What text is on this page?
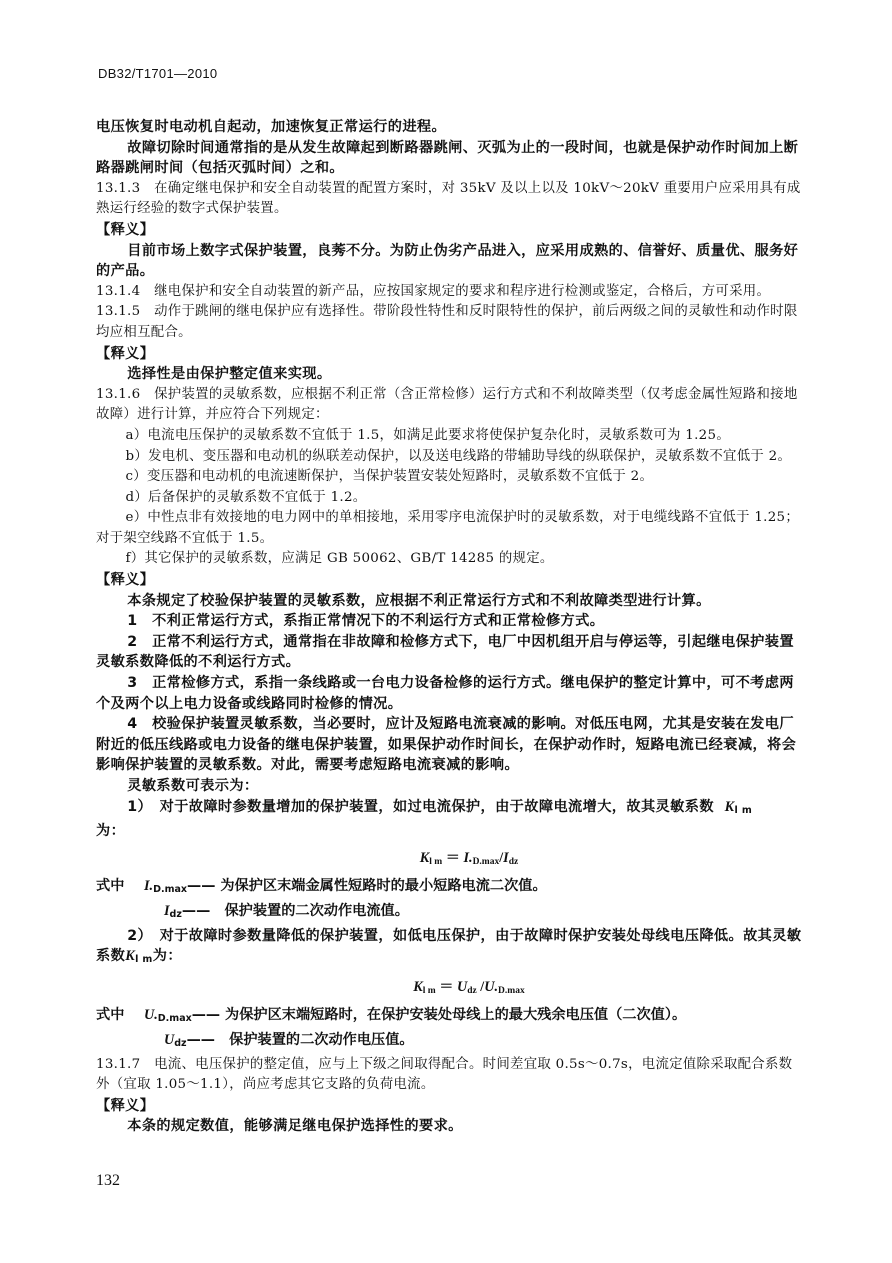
DB32/T1701—2010

电压恢复时电动机自起动，加速恢复正常运行的进程。

故障切除时间通常指的是从发生故障起到断路器跳闸、灭弧为止的一段时间，也就是保护动作时间加上断路器跳闸时间（包括灭弧时间）之和。

13.1.3　在确定继电保护和安全自动装置的配置方案时，对 35kV 及以上以及 10kV～20kV 重要用户应采用具有成熟运行经验的数字式保护装置。

【释义】

目前市场上数字式保护装置，良莠不分。为防止伪劣产品进入，应采用成熟的、信誉好、质量优、服务好的产品。

13.1.4　继电保护和安全自动装置的新产品，应按国家规定的要求和程序进行检测或鉴定，合格后，方可采用。

13.1.5　动作于跳闸的继电保护应有选择性。带阶段性特性和反时限特性的保护，前后两级之间的灵敏性和动作时限均应相互配合。

【释义】

选择性是由保护整定值来实现。

13.1.6　保护装置的灵敏系数，应根据不利正常（含正常检修）运行方式和不利故障类型（仅考虑金属性短路和接地故障）进行计算，并应符合下列规定：

a）电流电压保护的灵敏系数不宜低于 1.5，如满足此要求将使保护复杂化时，灵敏系数可为 1.25。

b）发电机、变压器和电动机的纵联差动保护，以及送电线路的带辅助导线的纵联保护，灵敏系数不宜低于 2。

c）变压器和电动机的电流速断保护，当保护装置安装处短路时，灵敏系数不宜低于 2。

d）后备保护的灵敏系数不宜低于 1.2。

e）中性点非有效接地的电力网中的单相接地，采用零序电流保护时的灵敏系数，对于电缆线路不宜低于 1.25；对于架空线路不宜低于 1.5。

f）其它保护的灵敏系数，应满足 GB 50062、GB/T 14285 的规定。

【释义】

本条规定了校验保护装置的灵敏系数，应根据不利正常运行方式和不利故障类型进行计算。

1　不利正常运行方式，系指正常情况下的不利运行方式和正常检修方式。

2　正常不利运行方式，通常指在非故障和检修方式下，电厂中因机组开启与停运等，引起继电保护装置灵敏系数降低的不利运行方式。

3　正常检修方式，系指一条线路或一台电力设备检修的运行方式。继电保护的整定计算中，可不考虑两个及两个以上电力设备或线路同时检修的情况。

4　校验保护装置灵敏系数，当必要时，应计及短路电流衰减的影响。对低压电网，尤其是安装在发电厂附近的低压线路或电力设备的继电保护装置，如果保护动作时间长，在保护动作时，短路电流已经衰减，将会影响保护装置的灵敏系数。对此，需要考虑短路电流衰减的影响。

灵敏系数可表示为：

1）　对于故障时参数量增加的保护装置，如过电流保护，由于故障电流增大，故其灵敏系数 $K_{l m}$
为：

$K_{l m} = I._{D.max}/I_{dz}$
式中	$I._{D.max}——$ 为保护区末端金属性短路时的最小短路电流二次值。
$I_{dz}——$　保护装置的二次动作电流值。

2）　对于故障时参数量降低的保护装置，如低电压保护，由于故障时保护安装处母线电压降低。故其灵敏系数$K_{l m}$为：

$K_{l m} = U_{dz}$ $/U._{D.max}$
式中	$U._{D.max}——$ 为保护区末端短路时，在保护安装处母线上的最大残余电压值（二次值）。
$U_{dz}——$　保护装置的二次动作电压值。

13.1.7　电流、电压保护的整定值，应与上下级之间取得配合。时间差宜取 0.5s～0.7s，电流定值除采取配合系数外（宜取 1.05～1.1），尚应考虑其它支路的负荷电流。

【释义】

本条的规定数值，能够满足继电保护选择性的要求。

132
